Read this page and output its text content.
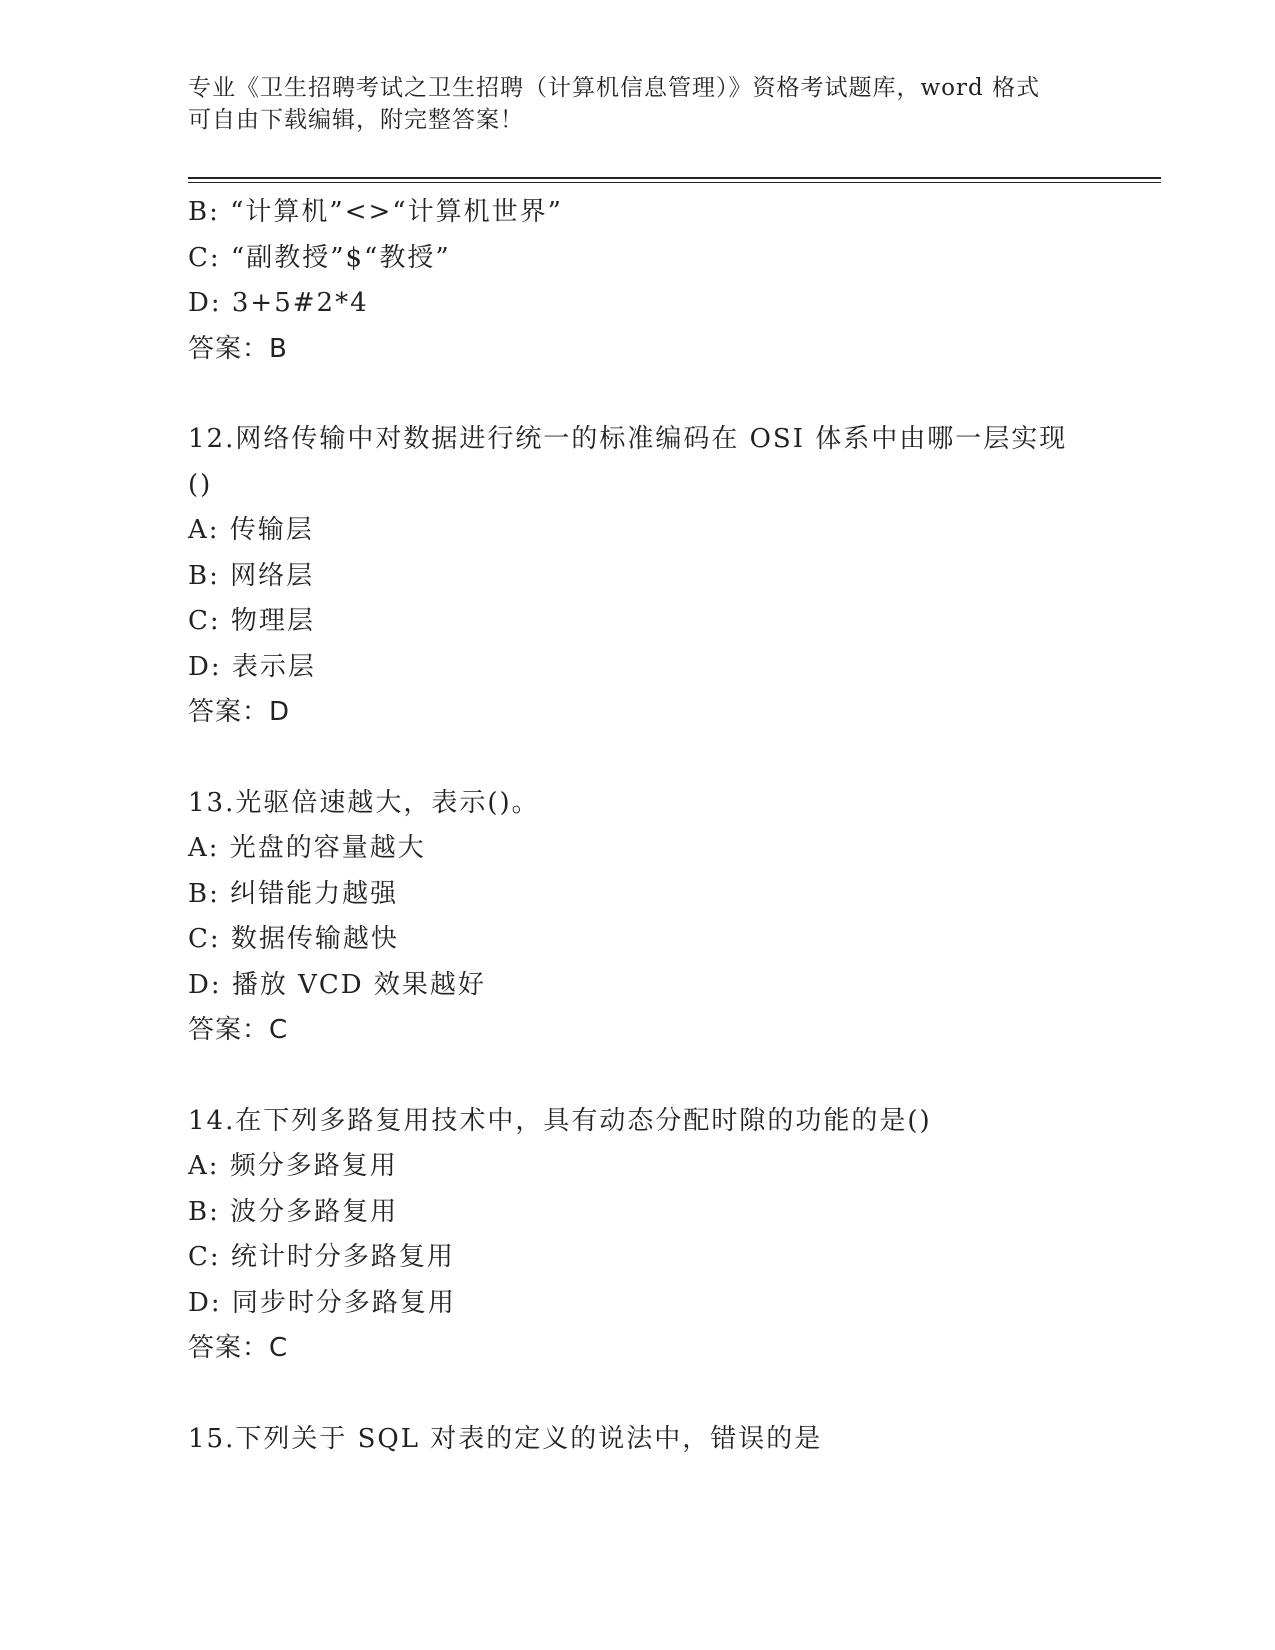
专业《卫生招聘考试之卫生招聘（计算机信息管理）》资格考试题库，word 格式
可自由下载编辑，附完整答案！
B: “计算机”<>“计算机世界”
C: “副教授”$“教授”
D: 3+5#2*4
答案：B
12.网络传输中对数据进行统一的标准编码在 OSI 体系中由哪一层实现
()
A: 传输层
B: 网络层
C: 物理层
D: 表示层
答案：D
13.光驱倍速越大，表示()。
A: 光盘的容量越大
B: 纠错能力越强
C: 数据传输越快
D: 播放 VCD 效果越好
答案：C
14.在下列多路复用技术中，具有动态分配时隙的功能的是()
A: 频分多路复用
B: 波分多路复用
C: 统计时分多路复用
D: 同步时分多路复用
答案：C
15.下列关于 SQL 对表的定义的说法中，错误的是
